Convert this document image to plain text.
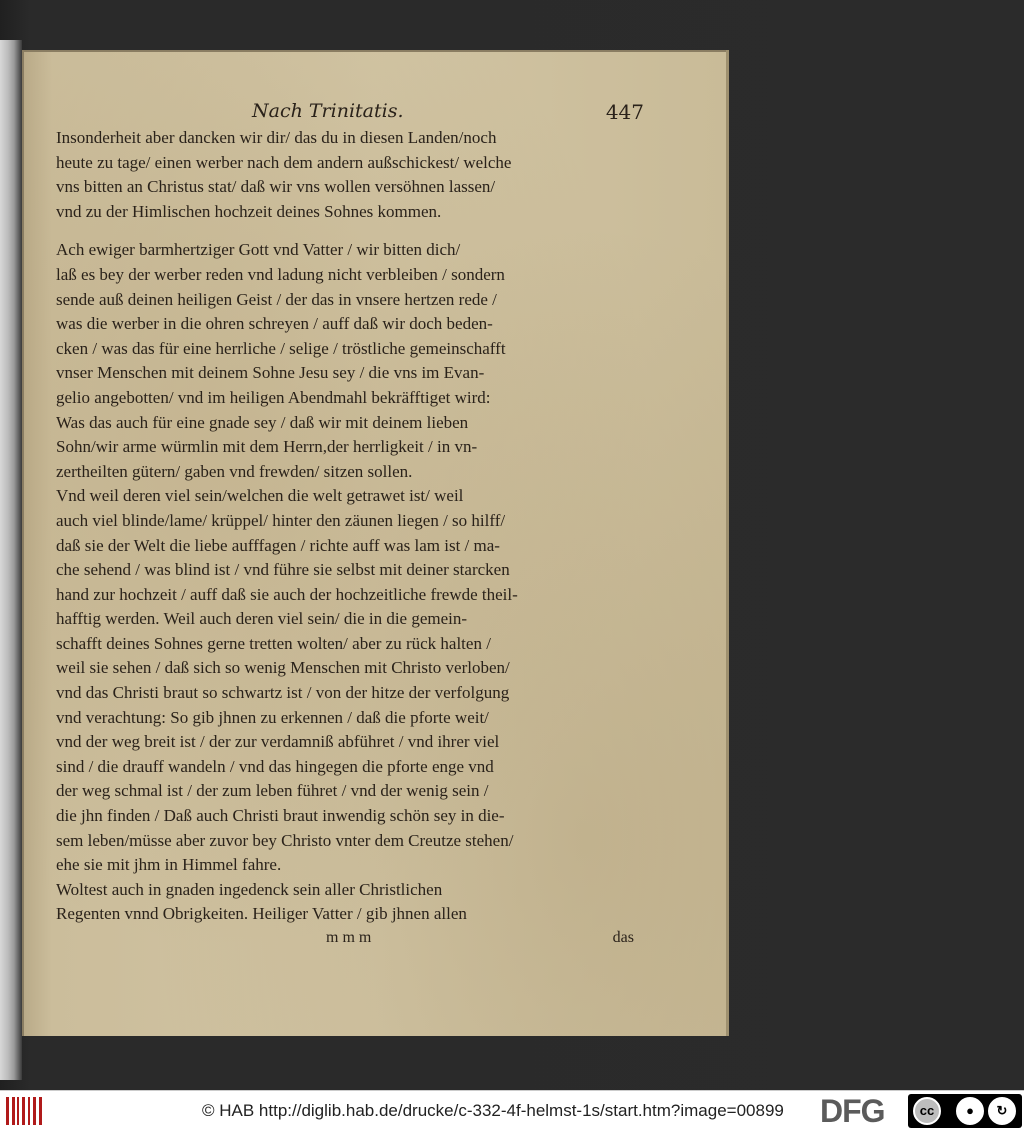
Nach Trinitatis.	447
Insonderheit aber dancken wir dir/ das du in diesen Landen/noch
heute zu tage/ einen werber nach dem andern außschickest/ welche
vns bitten an Christus stat/ daß wir vns wollen versöhnen lassen/
vnd zu der Himlischen hochzeit deines Sohnes kommen.
Ach ewiger barmhertziger Gott vnd Vatter / wir bitten dich/
laß es bey der werber reden vnd ladung nicht verbleiben / sondern
sende auß deinen heiligen Geist / der das in vnsere hertzen rede /
was die werber in die ohren schreyen / auff daß wir doch beden-
cken / was das für eine herrliche / selige / tröstliche gemeinschafft
vnser Menschen mit deinem Sohne Jesu sey / die vns im Evan-
gelio angebotten/ vnd im heiligen Abendmahl bekräfftiget wird:
Was das auch für eine gnade sey / daß wir mit deinem lieben
Sohn/wir arme würmlin mit dem Herrn,der herrligkeit / in vn-
zertheilten gütern/ gaben vnd frewden/ sitzen sollen.
Vnd weil deren viel sein/welchen die welt getrawet ist/ weil
auch viel blinde/lame/ krüppel/ hinter den zäunen liegen / so hilff/
daß sie der Welt die liebe aufffagen / richte auff was lam ist / ma-
che sehend / was blind ist / vnd führe sie selbst mit deiner starcken
hand zur hochzeit / auff daß sie auch der hochzeitliche frewde theil-
hafftig werden. Weil auch deren viel sein/ die in die gemein-
schafft deines Sohnes gerne tretten wolten/ aber zu rück halten /
weil sie sehen / daß sich so wenig Menschen mit Christo verloben/
vnd das Christi braut so schwartz ist / von der hitze der verfolgung
vnd verachtung: So gib jhnen zu erkennen / daß die pforte weit/
vnd der weg breit ist / der zur verdamniß abführet / vnd ihrer viel
sind / die drauff wandeln / vnd das hingegen die pforte enge vnd
der weg schmal ist / der zum leben führet / vnd der wenig sein /
die jhn finden / Daß auch Christi braut inwendig schön sey in die-
sem leben/müsse aber zuvor bey Christo vnter dem Creutze stehen/
ehe sie mit jhm in Himmel fahre.
Woltest auch in gnaden ingedenck sein aller Christlichen
Regenten vnnd Obrigkeiten. Heiliger Vatter / gib jhnen allen
m m m	das
© HAB http://diglib.hab.de/drucke/c-332-4f-helmst-1s/start.htm?image=00899 DFG	cc	●	↻
BY	SA
